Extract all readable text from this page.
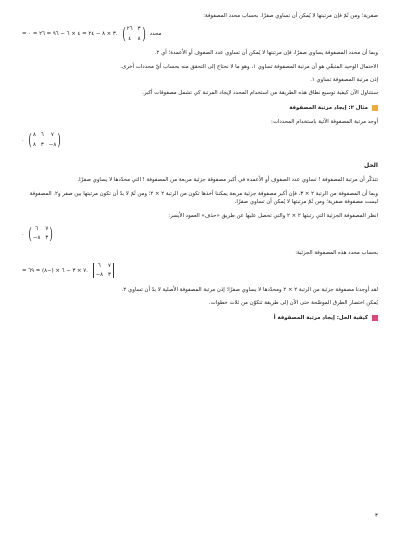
صفرية؛ ومن ثَمّ فإن مرتبتها لا يُمكن أن تساوي صفرًا. بحساب محدد المصفوفة:

= ٣ × ٨ − ٢٤ = ٤ × ٦ − ٩٦ = ٢٦ = ٠. ( ٢٦ ٣
٤ ٨ ) محدد

وبما أن محدد المصفوفة يساوي صفرًا، فإن مرتبتها لا يُمكن أن تساوي عدد الصفوف أو الأعمدة؛ أي ٢.

الاحتمال الوحيد المتبقّي هو أن مرتبة المصفوفة تساوي ١، وهو ما لا نحتاج إلى التحقق منه بحساب أيّ محددات أخرى.

إذن مرتبة المصفوفة تساوي ١.

سنتناول الآن كيفية توسيع نطاق هذه الطريقة من استخدام المحدد لإيجاد المرتبة كي تشمل مصفوفات أكبر.

مثال ٢: إيجاد مرتبة المصفوفة

أوجد مرتبة المصفوفة الآتية باستخدام المحددات:

. ( ٨ ٦	٧
٨ ٣ −٨ )
الحل

تتذكّر أن مرتبة المصفوفة ! تساوي عدد الصفوف أو الأعمدة في أكبر مصفوفة جزئية مربعة من المصفوفة ! التي محدّدها لا يساوي صفرًا.

وبما أن المصفوفة من الرتبة ٢ × ٣، فإن أكبر مصفوفة جزئية مربعة يمكننا أخذها تكون من الرتبة ٢ × ٢؛ ومن ثَمّ لا بدّ أن تكون مرتبتها بين صفر و٢. المصفوفة ليست مصفوفة صفرية؛ ومن ثَمّ مرتبتها لا يُمكن أن تساوي صفرًا.

انظر المصفوفة الجزئية التي رتبتها ٢ × ٢ والتي تحصل عليها عن طريق «حذف» العمود الأيسر:

. ( ٦	٧
−٨ ٣ )

بحساب محدد هذه المصفوفة الجزئية:

= ٧ × ٣ − ٦ × (−٨) = ٦٩.
٦	٧
−٨ ٣

لقد أوجدنا مصفوفة جزئية من الرتبة ٢ × ٢ ومحدّدها لا يساوي صفرًا؛ إذن مرتبة المصفوفة الأصلية لا بدّ أن تساوي ٢.

يُمكن اختصار الطرق الموضّحة حتى الآن إلى طريقة تتكوّن من ثلاث خطوات.

كيفية الحل: إيجاد مرتبة المصفوفة أ
٣
